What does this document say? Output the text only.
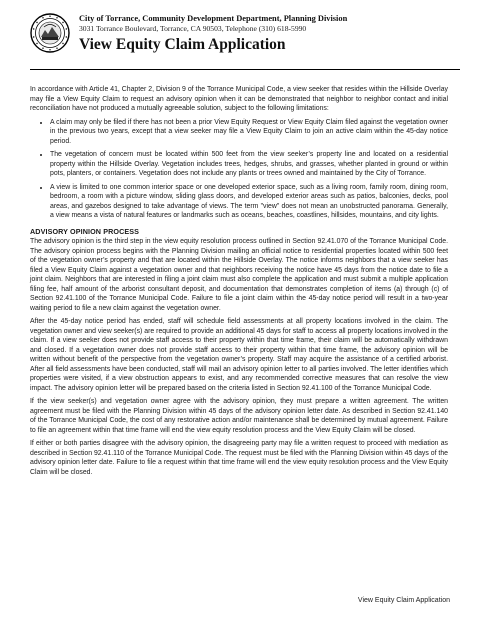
City of Torrance, Community Development Department, Planning Division
3031 Torrance Boulevard, Torrance, CA 90503, Telephone (310) 618-5990
View Equity Claim Application

In accordance with Article 41, Chapter 2, Division 9 of the Torrance Municipal Code, a view seeker that resides within the Hillside Overlay may file a View Equity Claim to request an advisory opinion when it can be demonstrated that neighbor to neighbor contact and initial reconciliation have not produced a mutually agreeable solution, subject to the following limitations:

• A claim may only be filed if there has not been a prior View Equity Request or View Equity Claim filed against the vegetation owner in the previous two years, except that a view seeker may file a View Equity Claim to join an active claim within the 45-day notice period.
• The vegetation of concern must be located within 500 feet from the view seeker’s property line and located on a residential property within the Hillside Overlay. Vegetation includes trees, hedges, shrubs, and grasses, whether planted in ground or within pots, planters, or containers. Vegetation does not include any plants or trees owned and maintained by the City of Torrance.
• A view is limited to one common interior space or one developed exterior space, such as a living room, family room, dining room, bedroom, a room with a picture window, sliding glass doors, and developed exterior areas such as patios, balconies, decks, pool areas, and gazebos designed to take advantage of views. The term "view" does not mean an unobstructed panorama. Generally, a view means a vista of natural features or landmarks such as oceans, beaches, coastlines, hillsides, mountains, and city lights.
ADVISORY OPINION PROCESS

The advisory opinion is the third step in the view equity resolution process outlined in Section 92.41.070 of the Torrance Municipal Code. The advisory opinion process begins with the Planning Division mailing an official notice to residential properties located within 500 feet of the vegetation owner’s property and that are located within the Hillside Overlay. The notice informs neighbors that a view seeker has filed a View Equity Claim against a vegetation owner and that neighbors receiving the notice have 45 days from the notice date to file a joint claim. Neighbors that are interested in filing a joint claim must also complete the application and must submit a multiple application filing fee, half amount of the arborist consultant deposit, and documentation that demonstrates completion of items (a) through (c) of Section 92.41.100 of the Torrance Municipal Code. Failure to file a joint claim within the 45-day notice period will result in a two-year waiting period to file a new claim against the vegetation owner.

After the 45-day notice period has ended, staff will schedule field assessments at all property locations involved in the claim. The vegetation owner and view seeker(s) are required to provide an additional 45 days for staff to access all property locations involved in the claim. If a view seeker does not provide staff access to their property within that time frame, their claim will be automatically withdrawn and closed. If a vegetation owner does not provide staff access to their property within that time frame, the advisory opinion will be written without benefit of the perspective from the vegetation owner’s property. Staff may acquire the assistance of a certified arborist. After all field assessments have been conducted, staff will mail an advisory opinion letter to all parties involved. The letter identifies which properties were visited, if a view obstruction appears to exist, and any recommended corrective measures that can resolve the view impact. The advisory opinion letter will be prepared based on the criteria listed in Section 92.41.100 of the Torrance Municipal Code.

If the view seeker(s) and vegetation owner agree with the advisory opinion, they must prepare a written agreement. The written agreement must be filed with the Planning Division within 45 days of the advisory opinion letter date. As described in Section 92.41.140 of the Torrance Municipal Code, the cost of any restorative action and/or maintenance shall be determined by mutual agreement. Failure to file an agreement within that time frame will end the view equity resolution process and the View Equity Claim will be closed.

If either or both parties disagree with the advisory opinion, the disagreeing party may file a written request to proceed with mediation as described in Section 92.41.110 of the Torrance Municipal Code. The request must be filed with the Planning Division within 45 days of the advisory opinion letter date. Failure to file a request within that time frame will end the view equity resolution process and the View Equity Claim will be closed.

View Equity Claim Application
